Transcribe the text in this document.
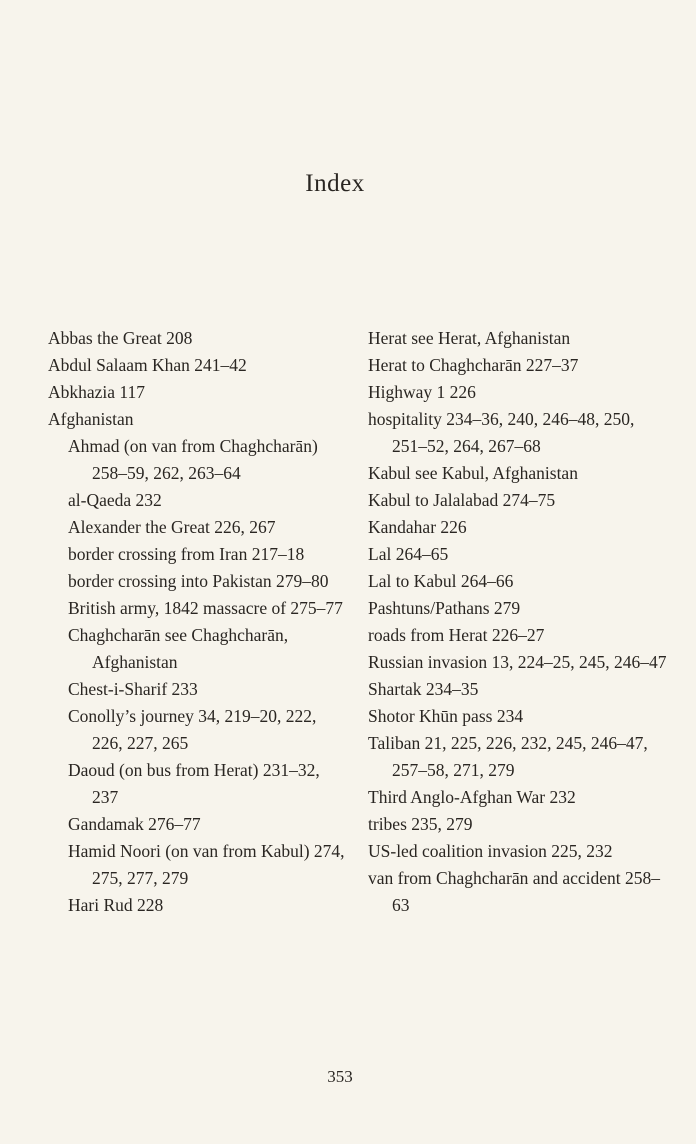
Index
Abbas the Great 208
Abdul Salaam Khan 241–42
Abkhazia 117
Afghanistan
Ahmad (on van from Chaghcharān) 258–59, 262, 263–64
al-Qaeda 232
Alexander the Great 226, 267
border crossing from Iran 217–18
border crossing into Pakistan 279–80
British army, 1842 massacre of 275–77
Chaghcharān see Chaghcharān, Afghanistan
Chest-i-Sharif 233
Conolly’s journey 34, 219–20, 222, 226, 227, 265
Daoud (on bus from Herat) 231–32, 237
Gandamak 276–77
Hamid Noori (on van from Kabul) 274, 275, 277, 279
Hari Rud 228
Herat see Herat, Afghanistan
Herat to Chaghcharān 227–37
Highway 1 226
hospitality 234–36, 240, 246–48, 250, 251–52, 264, 267–68
Kabul see Kabul, Afghanistan
Kabul to Jalalabad 274–75
Kandahar 226
Lal 264–65
Lal to Kabul 264–66
Pashtuns/Pathans 279
roads from Herat 226–27
Russian invasion 13, 224–25, 245, 246–47
Shartak 234–35
Shotor Khūn pass 234
Taliban 21, 225, 226, 232, 245, 246–47, 257–58, 271, 279
Third Anglo-Afghan War 232
tribes 235, 279
US-led coalition invasion 225, 232
van from Chaghcharān and accident 258–63
353
